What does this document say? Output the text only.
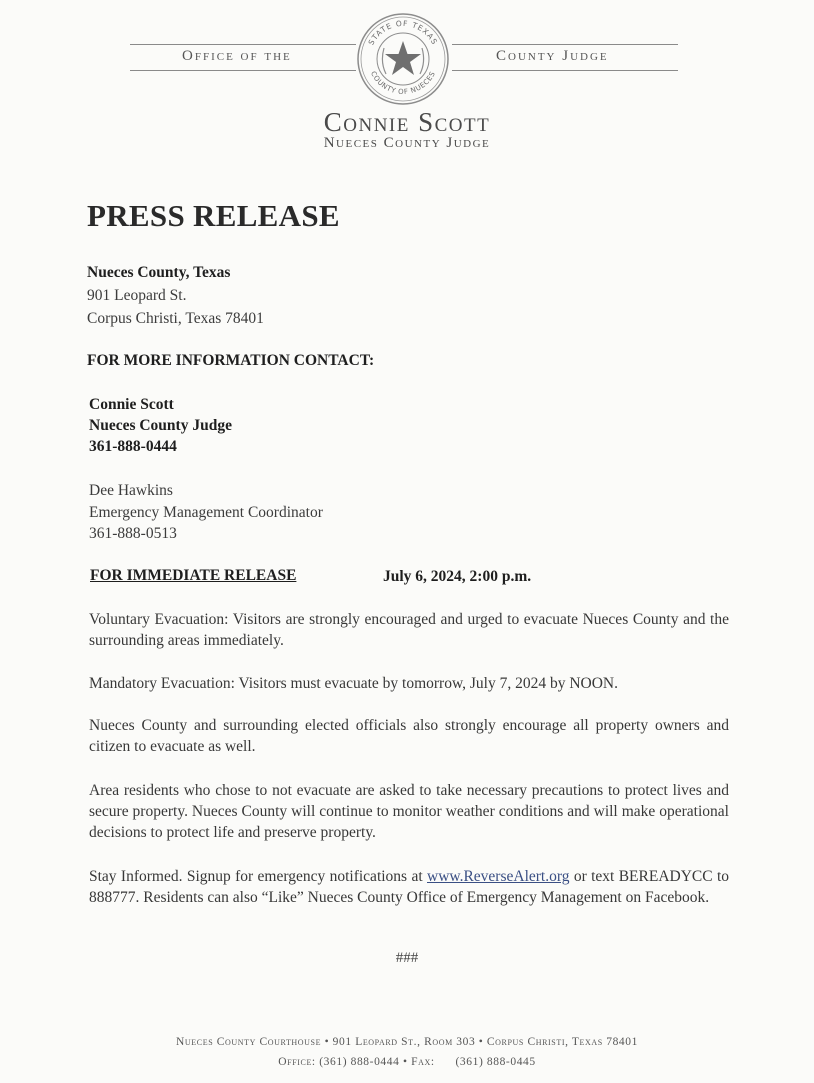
Office of the	County Judge
STATE OF TEXAS
COUNTY OF NUECES
Connie Scott
Nueces County Judge
PRESS RELEASE
Nueces County, Texas
901 Leopard St.
Corpus Christi, Texas 78401
FOR MORE INFORMATION CONTACT:
Connie Scott
Nueces County Judge
361-888-0444
Dee Hawkins
Emergency Management Coordinator
361-888-0513
FOR IMMEDIATE RELEASE	July 6, 2024, 2:00 p.m.
Voluntary Evacuation: Visitors are strongly encouraged and urged to evacuate Nueces County and the surrounding areas immediately.
Mandatory Evacuation: Visitors must evacuate by tomorrow, July 7, 2024 by NOON.
Nueces County and surrounding elected officials also strongly encourage all property owners and citizen to evacuate as well.
Area residents who chose to not evacuate are asked to take necessary precautions to protect lives and secure property. Nueces County will continue to monitor weather conditions and will make operational decisions to protect life and preserve property.
Stay Informed. Signup for emergency notifications at www.ReverseAlert.org or text BEREADYCC to 888777. Residents can also “Like” Nueces County Office of Emergency Management on Facebook.
###
Nueces County Courthouse • 901 Leopard St., Room 303 • Corpus Christi, Texas 78401
Office: (361) 888-0444 • Fax: (361) 888-0445
